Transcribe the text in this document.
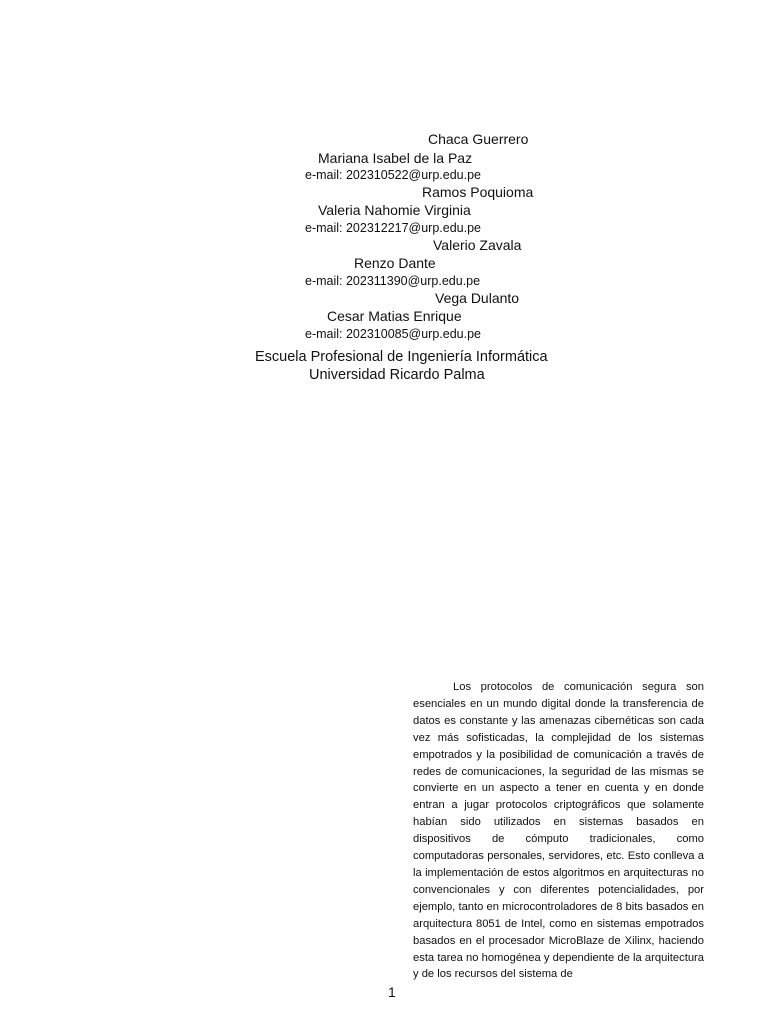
Chaca Guerrero
Mariana Isabel de la Paz
e-mail: 202310522@urp.edu.pe
Ramos Poquioma
Valeria Nahomie Virginia
e-mail: 202312217@urp.edu.pe
Valerio Zavala
Renzo Dante
e-mail: 202311390@urp.edu.pe
Vega Dulanto
Cesar Matias Enrique
e-mail: 202310085@urp.edu.pe
Escuela Profesional de Ingeniería Informática
Universidad Ricardo Palma

Los protocolos de comunicación segura son esenciales en un mundo digital donde la transferencia de datos es constante y las amenazas cibernéticas son cada vez más sofisticadas, la complejidad de los sistemas empotrados y la posibilidad de comunicación a través de redes de comunicaciones, la seguridad de las mismas se convierte en un aspecto a tener en cuenta y en donde entran a jugar protocolos criptográficos que solamente habían sido utilizados en sistemas basados en dispositivos de cómputo tradicionales, como computadoras personales, servidores, etc. Esto conlleva a la implementación de estos algoritmos en arquitecturas no convencionales y con diferentes potencialidades, por ejemplo, tanto en microcontroladores de 8 bits basados en arquitectura 8051 de Intel, como en sistemas empotrados basados en el procesador MicroBlaze de Xilinx, haciendo esta tarea no homogénea y dependiente de la arquitectura y de los recursos del sistema de

1
